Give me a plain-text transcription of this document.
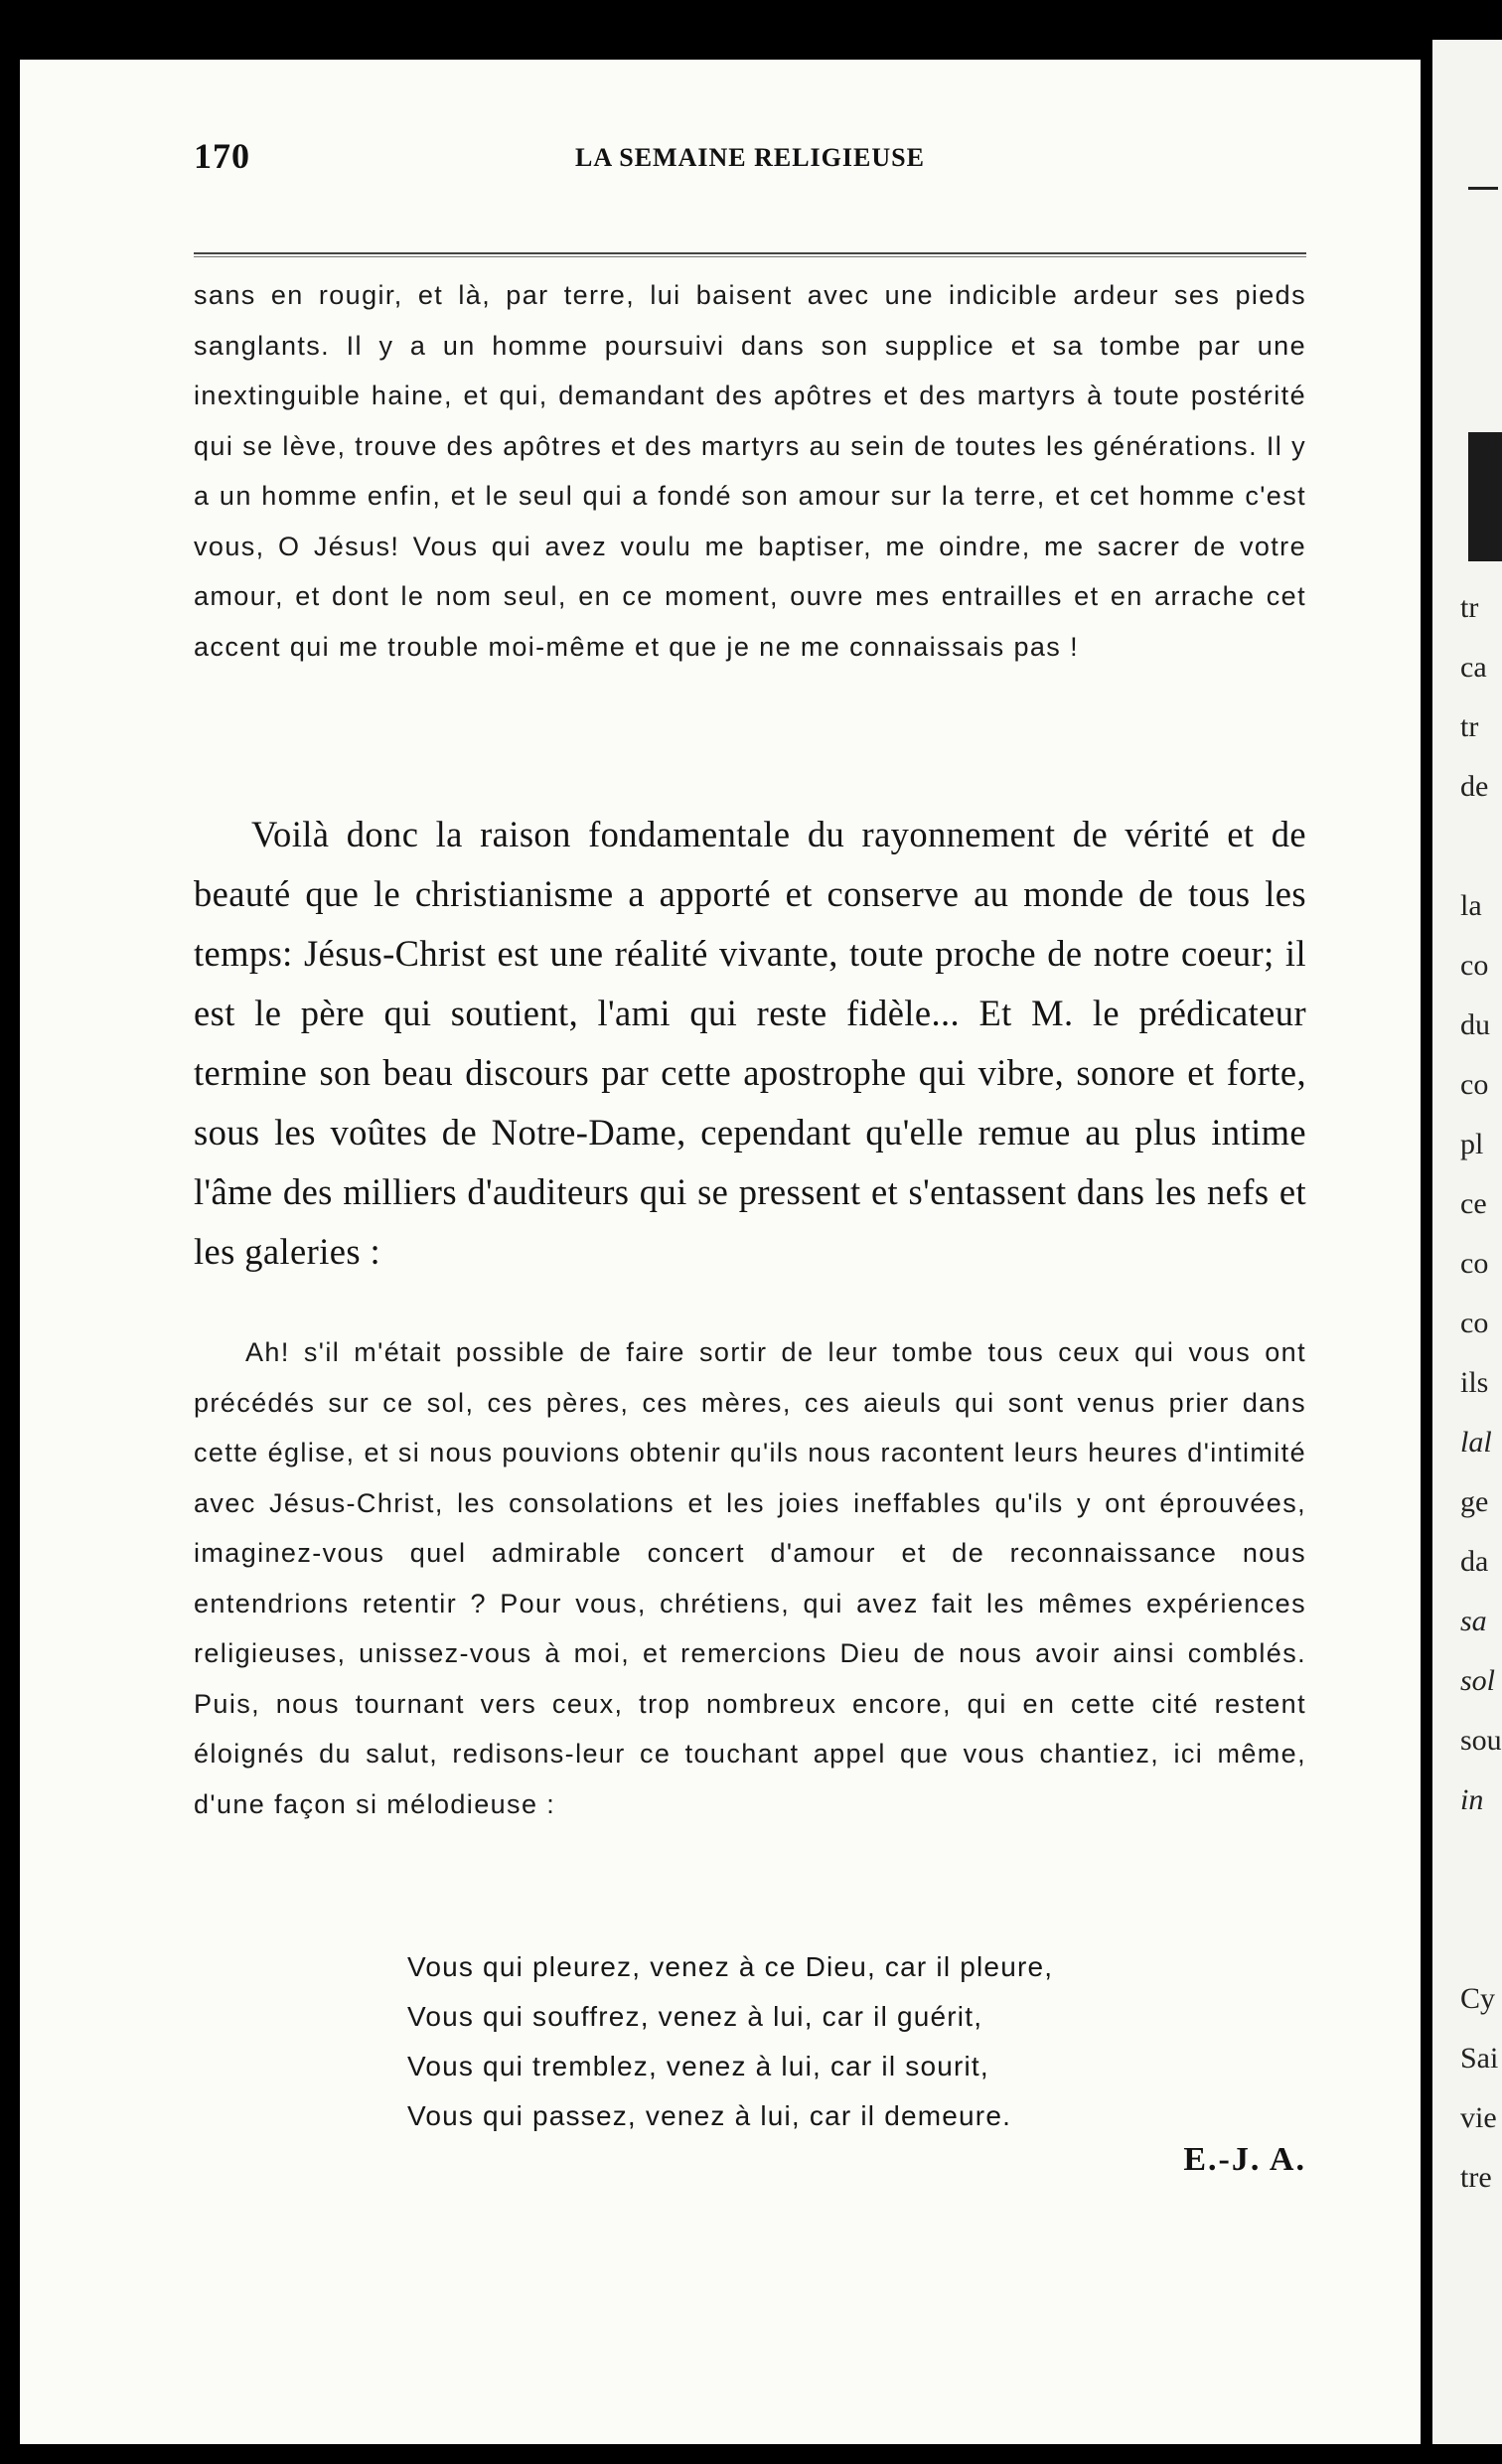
170	LA SEMAINE RELIGIEUSE

sans en rougir, et là, par terre, lui baisent avec une indicible ardeur ses pieds sanglants. Il y a un homme poursuivi dans son supplice et sa tombe par une inextinguible haine, et qui, demandant des apôtres et des martyrs à toute postérité qui se lève, trouve des apôtres et des martyrs au sein de toutes les générations. Il y a un homme enfin, et le seul qui a fondé son amour sur la terre, et cet homme c'est vous, O Jésus! Vous qui avez voulu me baptiser, me oindre, me sacrer de votre amour, et dont le nom seul, en ce moment, ouvre mes entrailles et en arrache cet accent qui me trouble moi-même et que je ne me connaissais pas !

Voilà donc la raison fondamentale du rayonnement de vérité et de beauté que le christianisme a apporté et conserve au monde de tous les temps: Jésus-Christ est une réalité vivante, toute proche de notre coeur; il est le père qui soutient, l'ami qui reste fidèle... Et M. le prédicateur termine son beau discours par cette apostrophe qui vibre, sonore et forte, sous les voûtes de Notre-Dame, cependant qu'elle remue au plus intime l'âme des milliers d'auditeurs qui se pressent et s'entassent dans les nefs et les galeries :

Ah! s'il m'était possible de faire sortir de leur tombe tous ceux qui vous ont précédés sur ce sol, ces pères, ces mères, ces aieuls qui sont venus prier dans cette église, et si nous pouvions obtenir qu'ils nous racontent leurs heures d'intimité avec Jésus-Christ, les consolations et les joies ineffables qu'ils y ont éprouvées, imaginez-vous quel admirable concert d'amour et de reconnaissance nous entendrions retentir ? Pour vous, chrétiens, qui avez fait les mêmes expériences religieuses, unissez-vous à moi, et remercions Dieu de nous avoir ainsi comblés. Puis, nous tournant vers ceux, trop nombreux encore, qui en cette cité restent éloignés du salut, redisons-leur ce touchant appel que vous chantiez, ici même, d'une façon si mélodieuse :

Vous qui pleurez, venez à ce Dieu, car il pleure,
Vous qui souffrez, venez à lui, car il guérit,
Vous qui tremblez, venez à lui, car il sourit,
Vous qui passez, venez à lui, car il demeure.
E.-J. A.
tr
ca
tr
de
la
co
du
co
pl
ce
co
co
ils
lal
ge
da
sa
sol
sou
in
Cy
Sai
vie
tre
